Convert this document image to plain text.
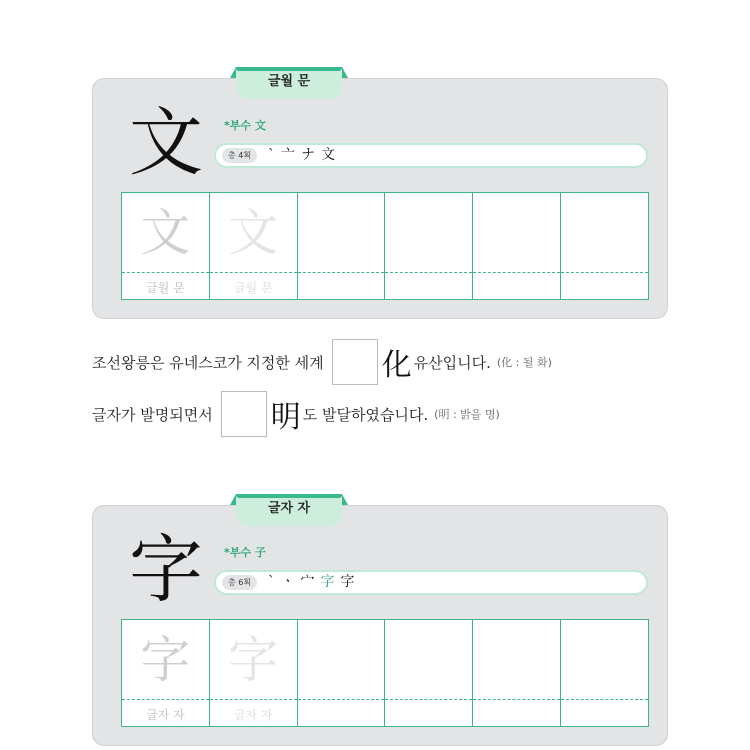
글월 문
文 *부수 文
총 4획	`亠ナ文
文
글월 문
文
글월 문
조선왕릉은 유네스코가 지정한 세계 化 유산입니다. (化 : 될 화)
글자가 발명되면서 明 도 발달하였습니다. (明 : 밝을 명)
글자 자
字 *부수 子
총 6획	`ㆍ宀字字
字
글자 자
字
글자 자
